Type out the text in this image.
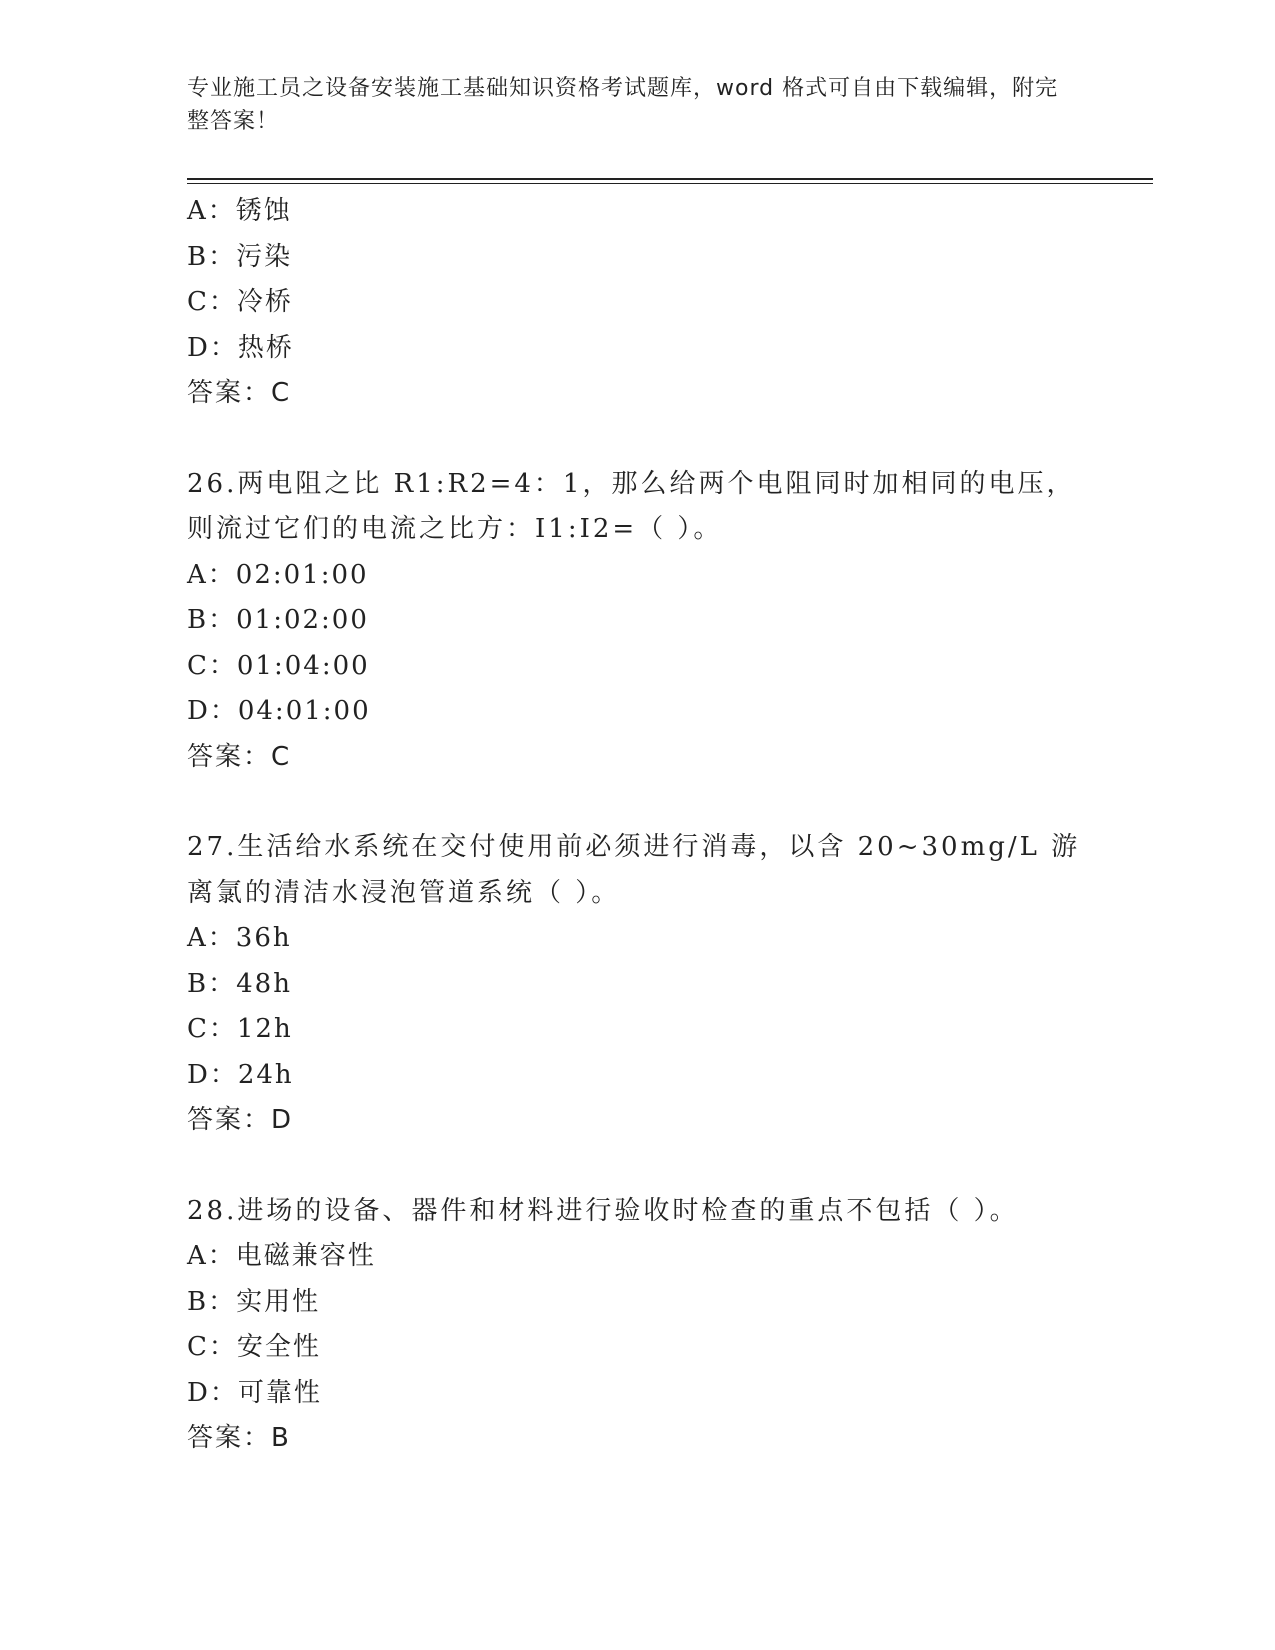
专业施工员之设备安装施工基础知识资格考试题库，word 格式可自由下载编辑，附完整答案！
A：锈蚀
B：污染
C：冷桥
D：热桥
答案：C
26.两电阻之比 R1:R2=4：1，那么给两个电阻同时加相同的电压，则流过它们的电流之比方：I1:I2=（ ）。
A：02:01:00
B：01:02:00
C：01:04:00
D：04:01:00
答案：C
27.生活给水系统在交付使用前必须进行消毒，以含 20~30mg/L 游离氯的清洁水浸泡管道系统（ ）。
A：36h
B：48h
C：12h
D：24h
答案：D
28.进场的设备、器件和材料进行验收时检查的重点不包括（ ）。
A：电磁兼容性
B：实用性
C：安全性
D：可靠性
答案：B
